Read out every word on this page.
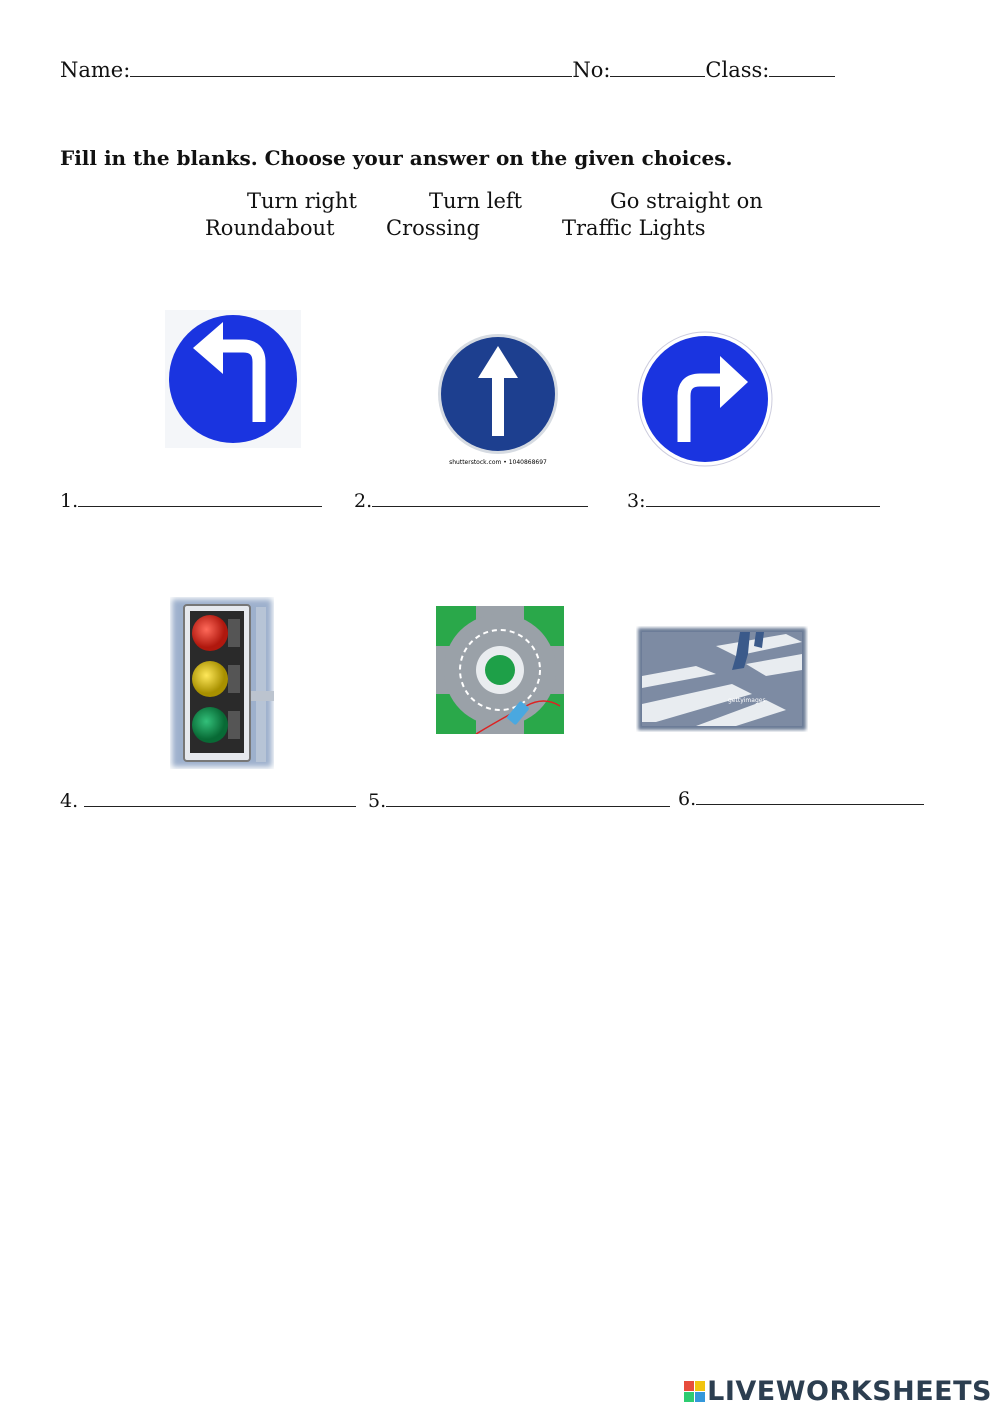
Name:	No:	Class:
Fill in the blanks. Choose your answer on the given choices.
Turn right	Turn left	Go straight on
Roundabout Crossing	Traffic Lights
shutterstock.com • 1040868697
1.	2.	3:
gettyimages
4.	5.	6.
LIVEWORKSHEETS
